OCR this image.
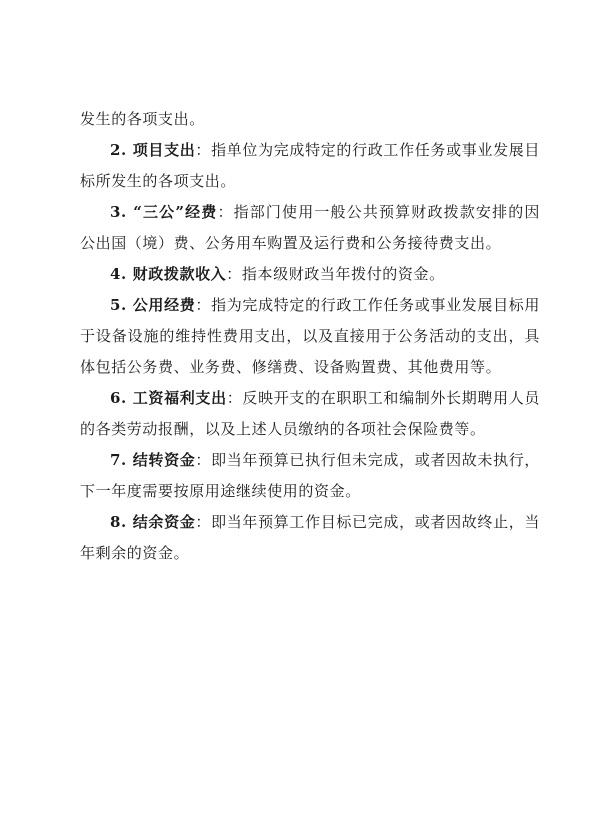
发生的各项支出。

2. 项目支出：指单位为完成特定的行政工作任务或事业发展目标所发生的各项支出。

3. “三公”经费：指部门使用一般公共预算财政拨款安排的因公出国（境）费、公务用车购置及运行费和公务接待费支出。

4. 财政拨款收入：指本级财政当年拨付的资金。

5. 公用经费：指为完成特定的行政工作任务或事业发展目标用于设备设施的维持性费用支出，以及直接用于公务活动的支出，具体包括公务费、业务费、修缮费、设备购置费、其他费用等。

6. 工资福利支出：反映开支的在职职工和编制外长期聘用人员的各类劳动报酬，以及上述人员缴纳的各项社会保险费等。

7. 结转资金：即当年预算已执行但未完成，或者因故未执行，下一年度需要按原用途继续使用的资金。

8. 结余资金：即当年预算工作目标已完成，或者因故终止，当年剩余的资金。
